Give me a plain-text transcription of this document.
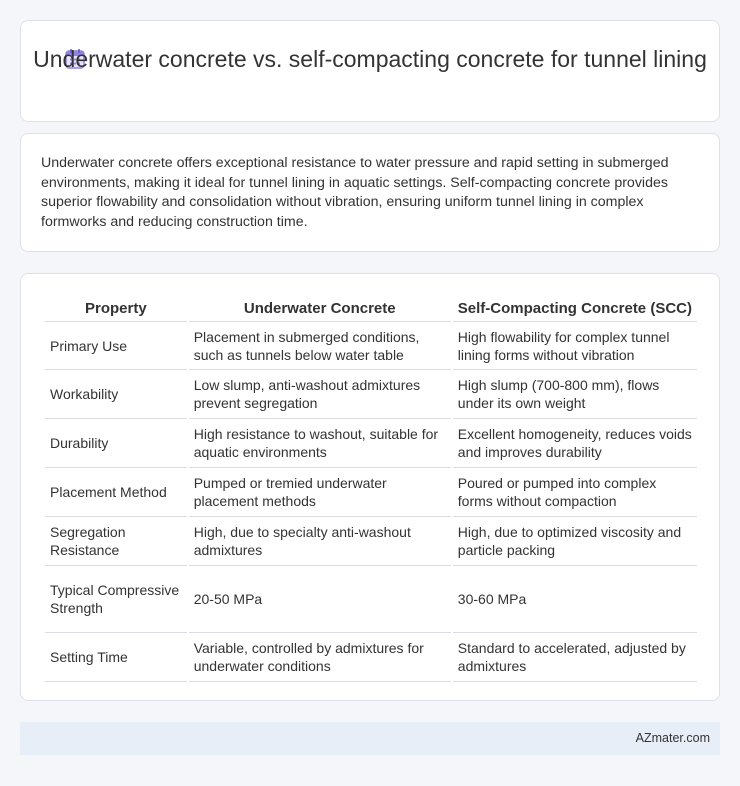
Underwater concrete vs. self-compacting concrete for tunnel lining

Underwater concrete offers exceptional resistance to water pressure and rapid setting in submerged environments, making it ideal for tunnel lining in aquatic settings. Self-compacting concrete provides superior flowability and consolidation without vibration, ensuring uniform tunnel lining in complex formworks and reducing construction time.

Property	Underwater Concrete	Self-Compacting Concrete (SCC)
Primary Use	Placement in submerged conditions, such as tunnels below water table	High flowability for complex tunnel lining forms without vibration
Workability	Low slump, anti-washout admixtures prevent segregation	High slump (700-800 mm), flows under its own weight
Durability	High resistance to washout, suitable for aquatic environments	Excellent homogeneity, reduces voids and improves durability
Placement Method	Pumped or tremied underwater placement methods	Poured or pumped into complex forms without compaction
Segregation Resistance	High, due to specialty anti-washout admixtures	High, due to optimized viscosity and particle packing
Typical Compressive Strength	20-50 MPa	30-60 MPa
Setting Time	Variable, controlled by admixtures for underwater conditions	Standard to accelerated, adjusted by admixtures
AZmater.com
